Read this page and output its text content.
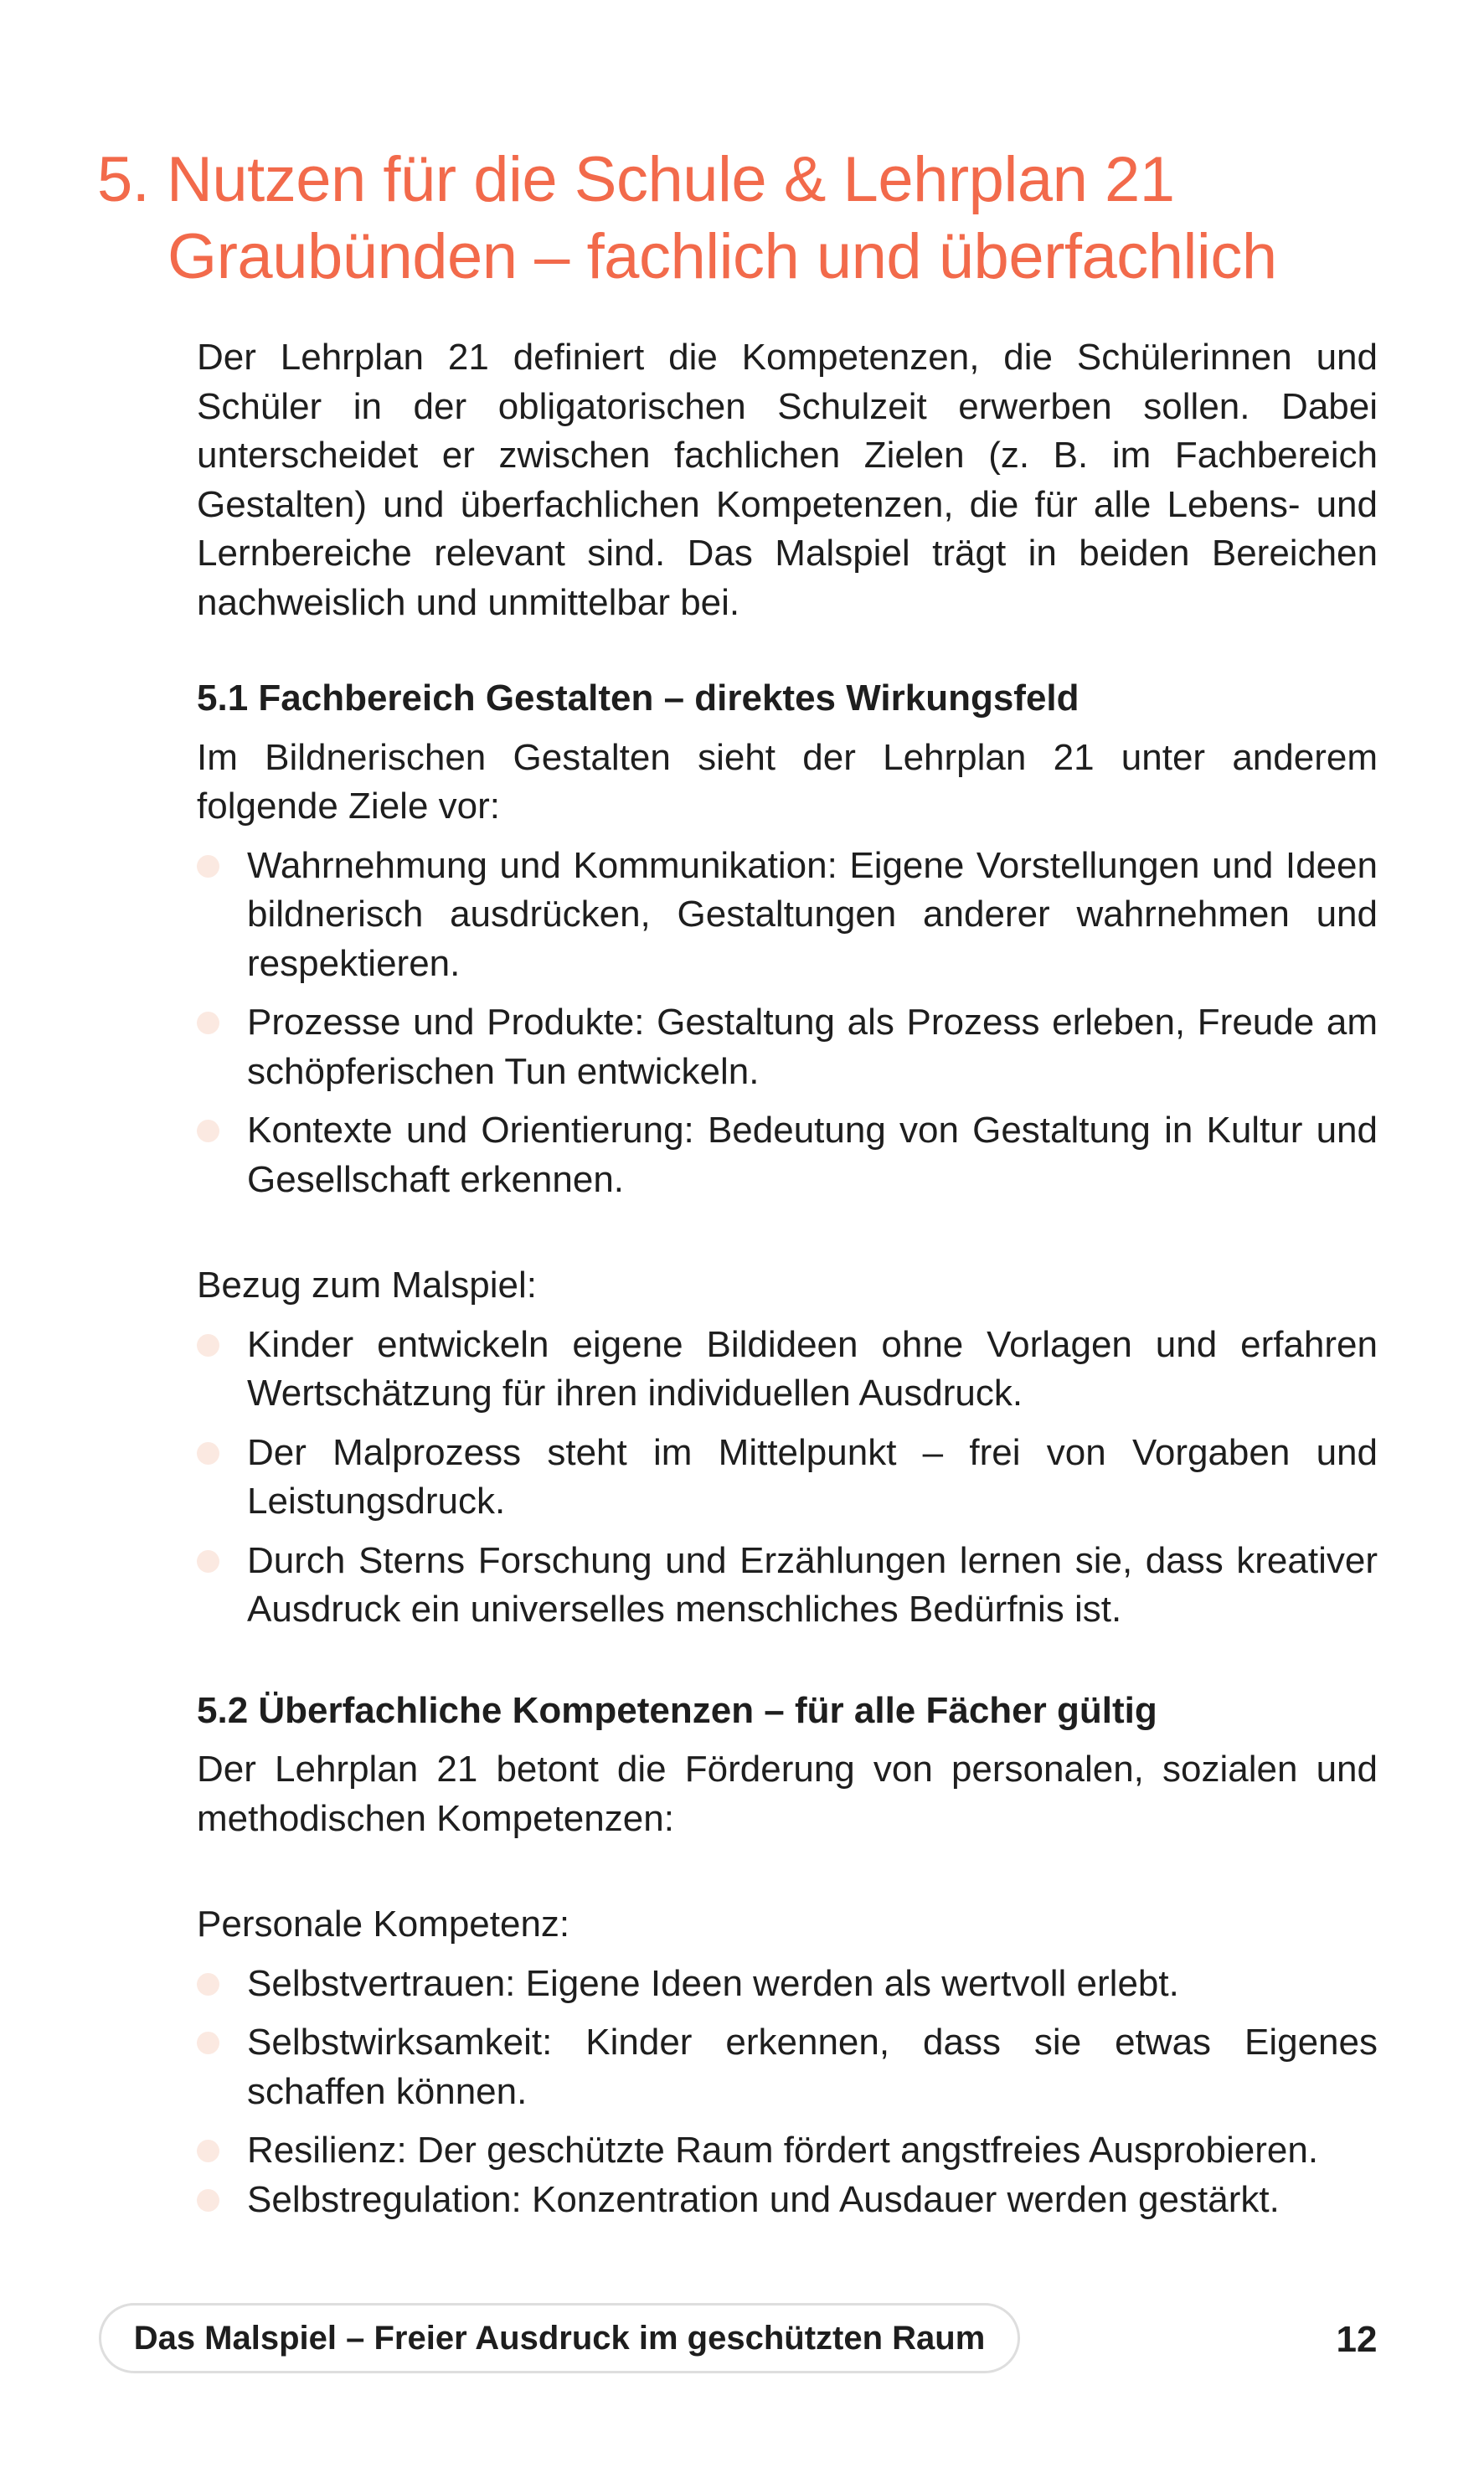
5. Nutzen für die Schule & Lehrplan 21
Graubünden – fachlich und überfachlich

Der Lehrplan 21 definiert die Kompetenzen, die Schülerinnen und Schüler in der obligatorischen Schulzeit erwerben sollen. Dabei unterscheidet er zwischen fachlichen Zielen (z. B. im Fachbereich Gestalten) und überfachlichen Kompetenzen, die für alle Lebens- und Lernbereiche relevant sind. Das Malspiel trägt in beiden Bereichen nachweislich und unmittelbar bei.

5.1 Fachbereich Gestalten – direktes Wirkungsfeld

Im Bildnerischen Gestalten sieht der Lehrplan 21 unter anderem folgende Ziele vor:

Wahrnehmung und Kommunikation: Eigene Vorstellungen und Ideen bildnerisch ausdrücken, Gestaltungen anderer wahrnehmen und respektieren.
Prozesse und Produkte: Gestaltung als Prozess erleben, Freude am schöpferischen Tun entwickeln.
Kontexte und Orientierung: Bedeutung von Gestaltung in Kultur und Gesellschaft erkennen.

Bezug zum Malspiel:

Kinder entwickeln eigene Bildideen ohne Vorlagen und erfahren Wertschätzung für ihren individuellen Ausdruck.
Der Malprozess steht im Mittelpunkt – frei von Vorgaben und Leistungsdruck.
Durch Sterns Forschung und Erzählungen lernen sie, dass kreativer Ausdruck ein universelles menschliches Bedürfnis ist.

5.2 Überfachliche Kompetenzen – für alle Fächer gültig

Der Lehrplan 21 betont die Förderung von personalen, sozialen und methodischen Kompetenzen:

Personale Kompetenz:

Selbstvertrauen: Eigene Ideen werden als wertvoll erlebt.
Selbstwirksamkeit: Kinder erkennen, dass sie etwas Eigenes schaffen können.
Resilienz: Der geschützte Raum fördert angstfreies Ausprobieren.
Selbstregulation: Konzentration und Ausdauer werden gestärkt.
Das Malspiel – Freier Ausdruck im geschützten Raum	12
